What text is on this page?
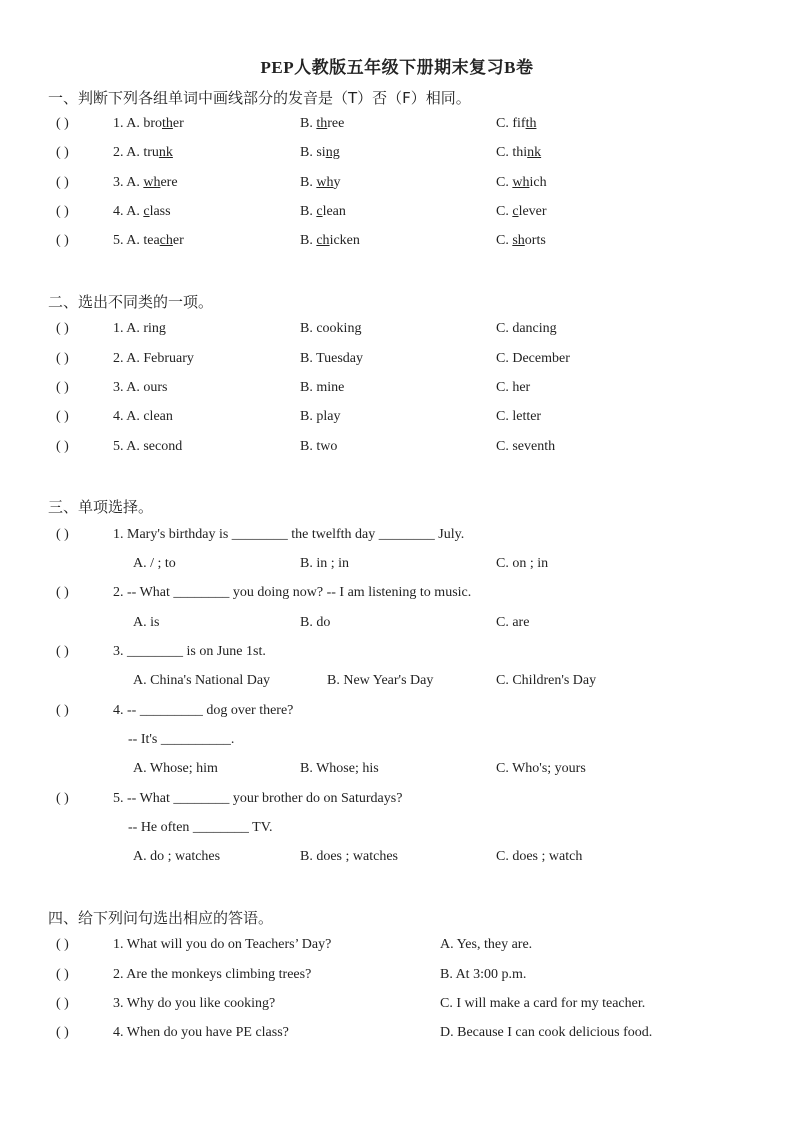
PEP人教版五年级下册期末复习B卷
一、判断下列各组单词中画线部分的发音是（T）否（F）相同。
( )	1. A. brother	B. three	C. fifth
( )	2. A. trunk	B. sing	C. think
( )	3. A. where	B. why	C. which
( )	4. A. class	B. clean	C. clever
( )	5. A. teacher	B. chicken	C. shorts
二、选出不同类的一项。
( )	1. A. ring	B. cooking	C. dancing
( )	2. A. February	B. Tuesday	C. December
( )	3. A. ours	B. mine	C. her
( )	4. A. clean	B. play	C. letter
( )	5. A. second	B. two	C. seventh
三、单项选择。
( )	1. Mary's birthday is ________ the twelfth day ________ July.
A. / ; to	B. in ; in	C. on ; in
( )	2. -- What ________ you doing now? -- I am listening to music.
A. is	B. do	C. are
( )	3. ________ is on June 1st.
A. China's National Day	B. New Year's Day	C. Children's Day
( )	4. -- _________ dog over there?
-- It's __________.
A. Whose; him	B. Whose; his	C. Who's; yours
( )	5. -- What ________ your brother do on Saturdays?
-- He often ________ TV.
A. do ; watches	B. does ; watches	C. does ; watch
四、给下列问句选出相应的答语。
( )	1. What will you do on Teachers’ Day?	A. Yes, they are.
( )	2. Are the monkeys climbing trees?	B. At 3:00 p.m.
( )	3. Why do you like cooking?	C. I will make a card for my teacher.
( )	4. When do you have PE class?	D. Because I can cook delicious food.
